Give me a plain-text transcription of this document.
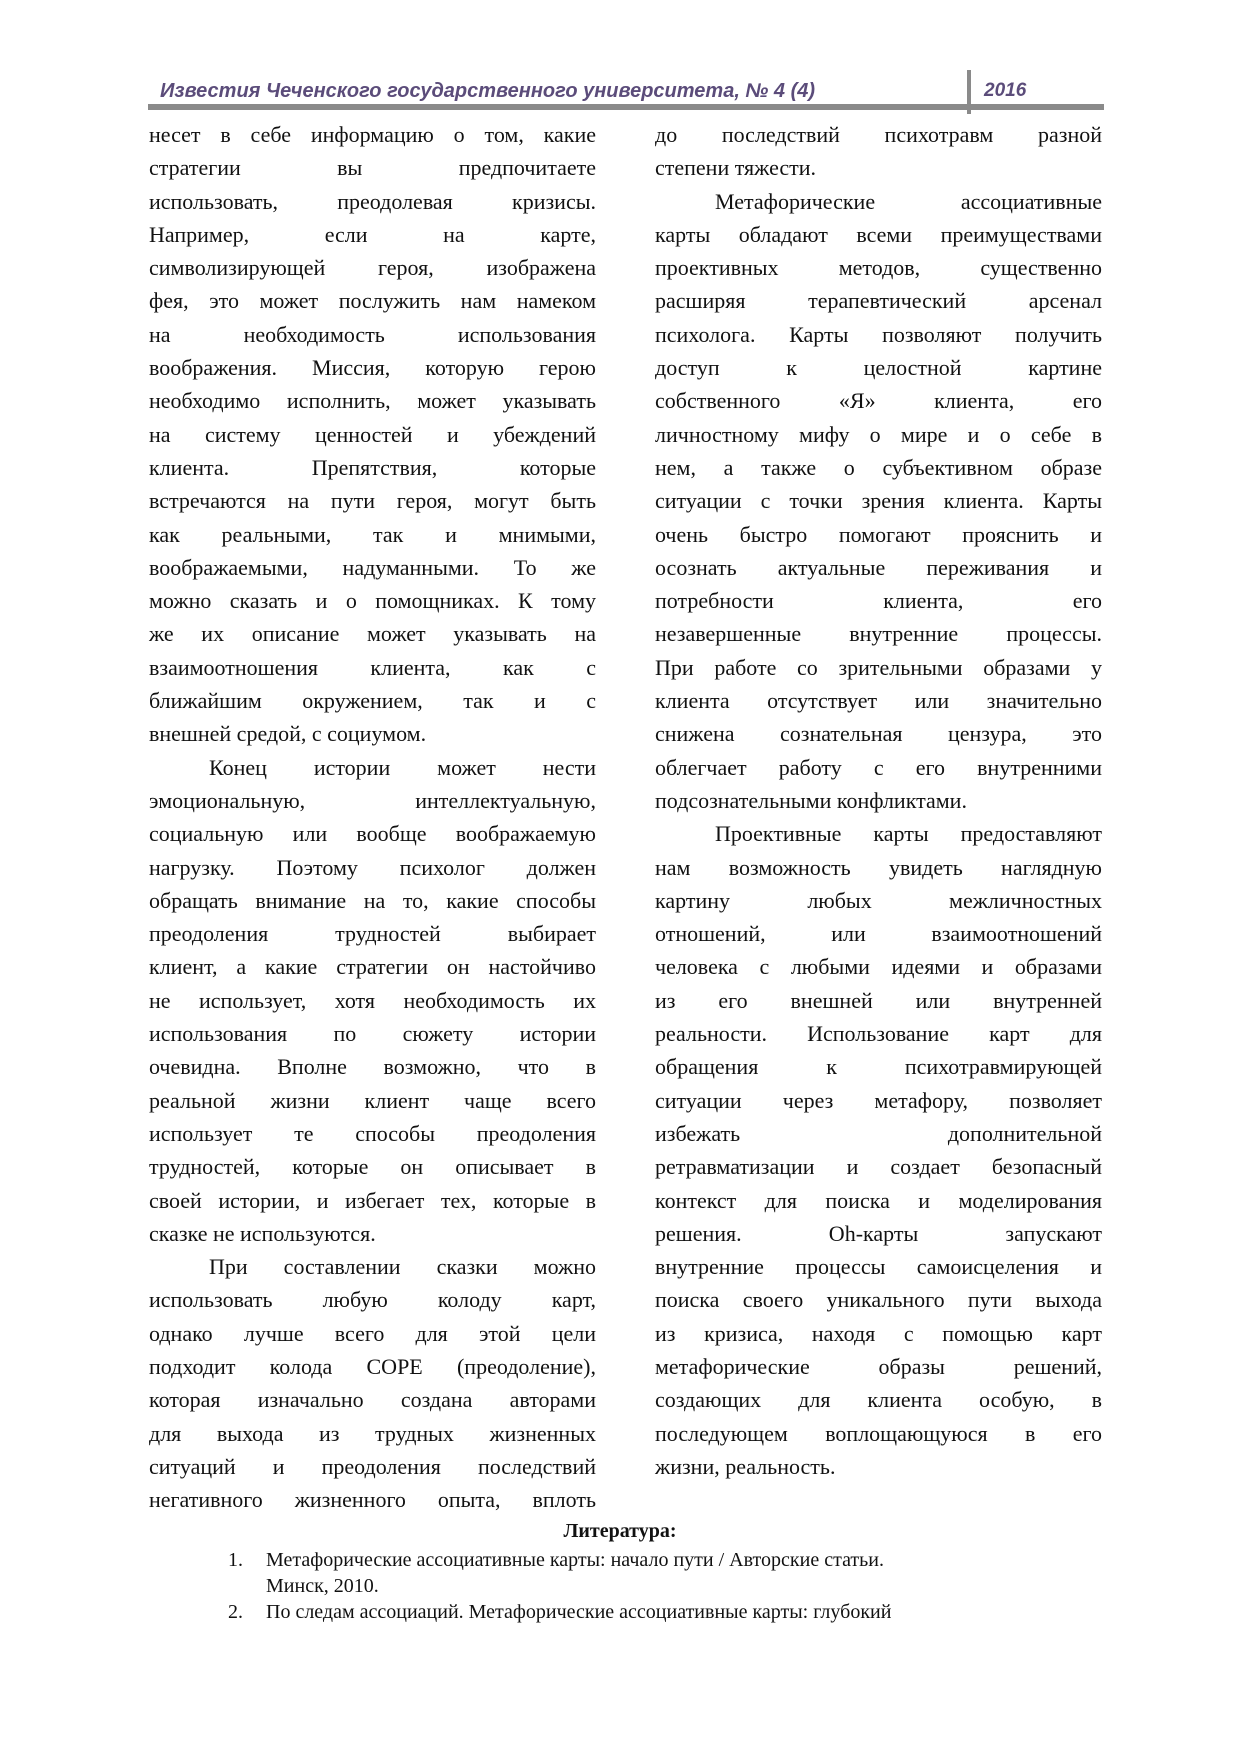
Известия Чеченского государственного университета, № 4 (4)	2016
несет в себе информацию о том, какие
стратегии вы предпочитаете
использовать, преодолевая кризисы.
Например, если на карте,
символизирующей героя, изображена
фея, это может послужить нам намеком
на необходимость использования
воображения. Миссия, которую герою
необходимо исполнить, может указывать
на систему ценностей и убеждений
клиента. Препятствия, которые
встречаются на пути героя, могут быть
как реальными, так и мнимыми,
воображаемыми, надуманными. То же
можно сказать и о помощниках. К тому
же их описание может указывать на
взаимоотношения клиента, как с
ближайшим окружением, так и с
внешней средой, с социумом.
Конец истории может нести
эмоциональную, интеллектуальную,
социальную или вообще воображаемую
нагрузку. Поэтому психолог должен
обращать внимание на то, какие способы
преодоления трудностей выбирает
клиент, а какие стратегии он настойчиво
не использует, хотя необходимость их
использования по сюжету истории
очевидна. Вполне возможно, что в
реальной жизни клиент чаще всего
использует те способы преодоления
трудностей, которые он описывает в
своей истории, и избегает тех, которые в
сказке не используются.
При составлении сказки можно
использовать любую колоду карт,
однако лучше всего для этой цели
подходит колода COPE (преодоление),
которая изначально создана авторами
для выхода из трудных жизненных
ситуаций и преодоления последствий
негативного жизненного опыта, вплоть
до последствий психотравм разной
степени тяжести.
Метафорические ассоциативные
карты обладают всеми преимуществами
проективных методов, существенно
расширяя терапевтический арсенал
психолога. Карты позволяют получить
доступ к целостной картине
собственного «Я» клиента, его
личностному мифу о мире и о себе в
нем, а также о субъективном образе
ситуации с точки зрения клиента. Карты
очень быстро помогают прояснить и
осознать актуальные переживания и
потребности клиента, его
незавершенные внутренние процессы.
При работе со зрительными образами у
клиента отсутствует или значительно
снижена сознательная цензура, это
облегчает работу с его внутренними
подсознательными конфликтами.
Проективные карты предоставляют
нам возможность увидеть наглядную
картину любых межличностных
отношений, или взаимоотношений
человека с любыми идеями и образами
из его внешней или внутренней
реальности. Использование карт для
обращения к психотравмирующей
ситуации через метафору, позволяет
избежать дополнительной
ретравматизации и создает безопасный
контекст для поиска и моделирования
решения. Oh-карты запускают
внутренние процессы самоисцеления и
поиска своего уникального пути выхода
из кризиса, находя с помощью карт
метафорические образы решений,
создающих для клиента особую, в
последующем воплощающуюся в его
жизни, реальность.
Литература:
1. Метафорические ассоциативные карты: начало пути / Авторские статьи.
Минск, 2010.
2. По следам ассоциаций. Метафорические ассоциативные карты: глубокий
